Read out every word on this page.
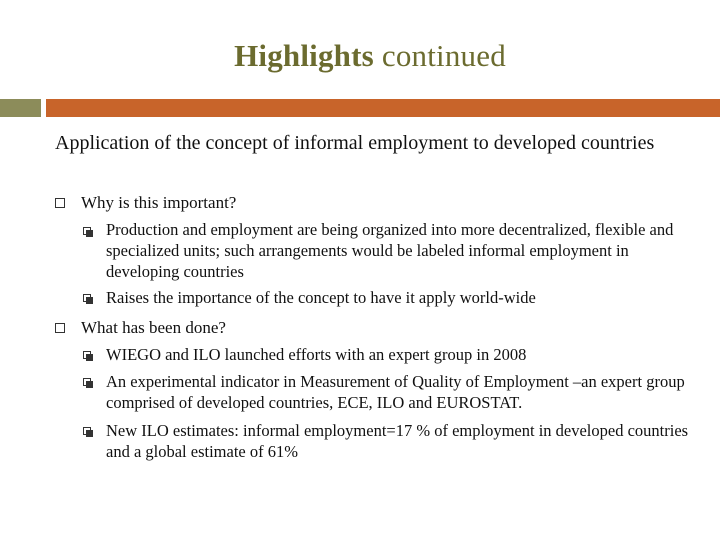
Highlights continued
Application of the concept of informal employment to developed countries
Why is this important?
Production and employment are being organized into more decentralized, flexible and specialized units; such arrangements would be labeled informal employment in developing countries
Raises the importance of the concept to have it apply world-wide
What has been done?
WIEGO and ILO launched efforts with an expert group in 2008
An experimental indicator in Measurement of Quality of Employment –an expert group comprised of developed countries, ECE, ILO and EUROSTAT.
New ILO estimates: informal employment=17 % of employment in developed countries and a global estimate of 61%
